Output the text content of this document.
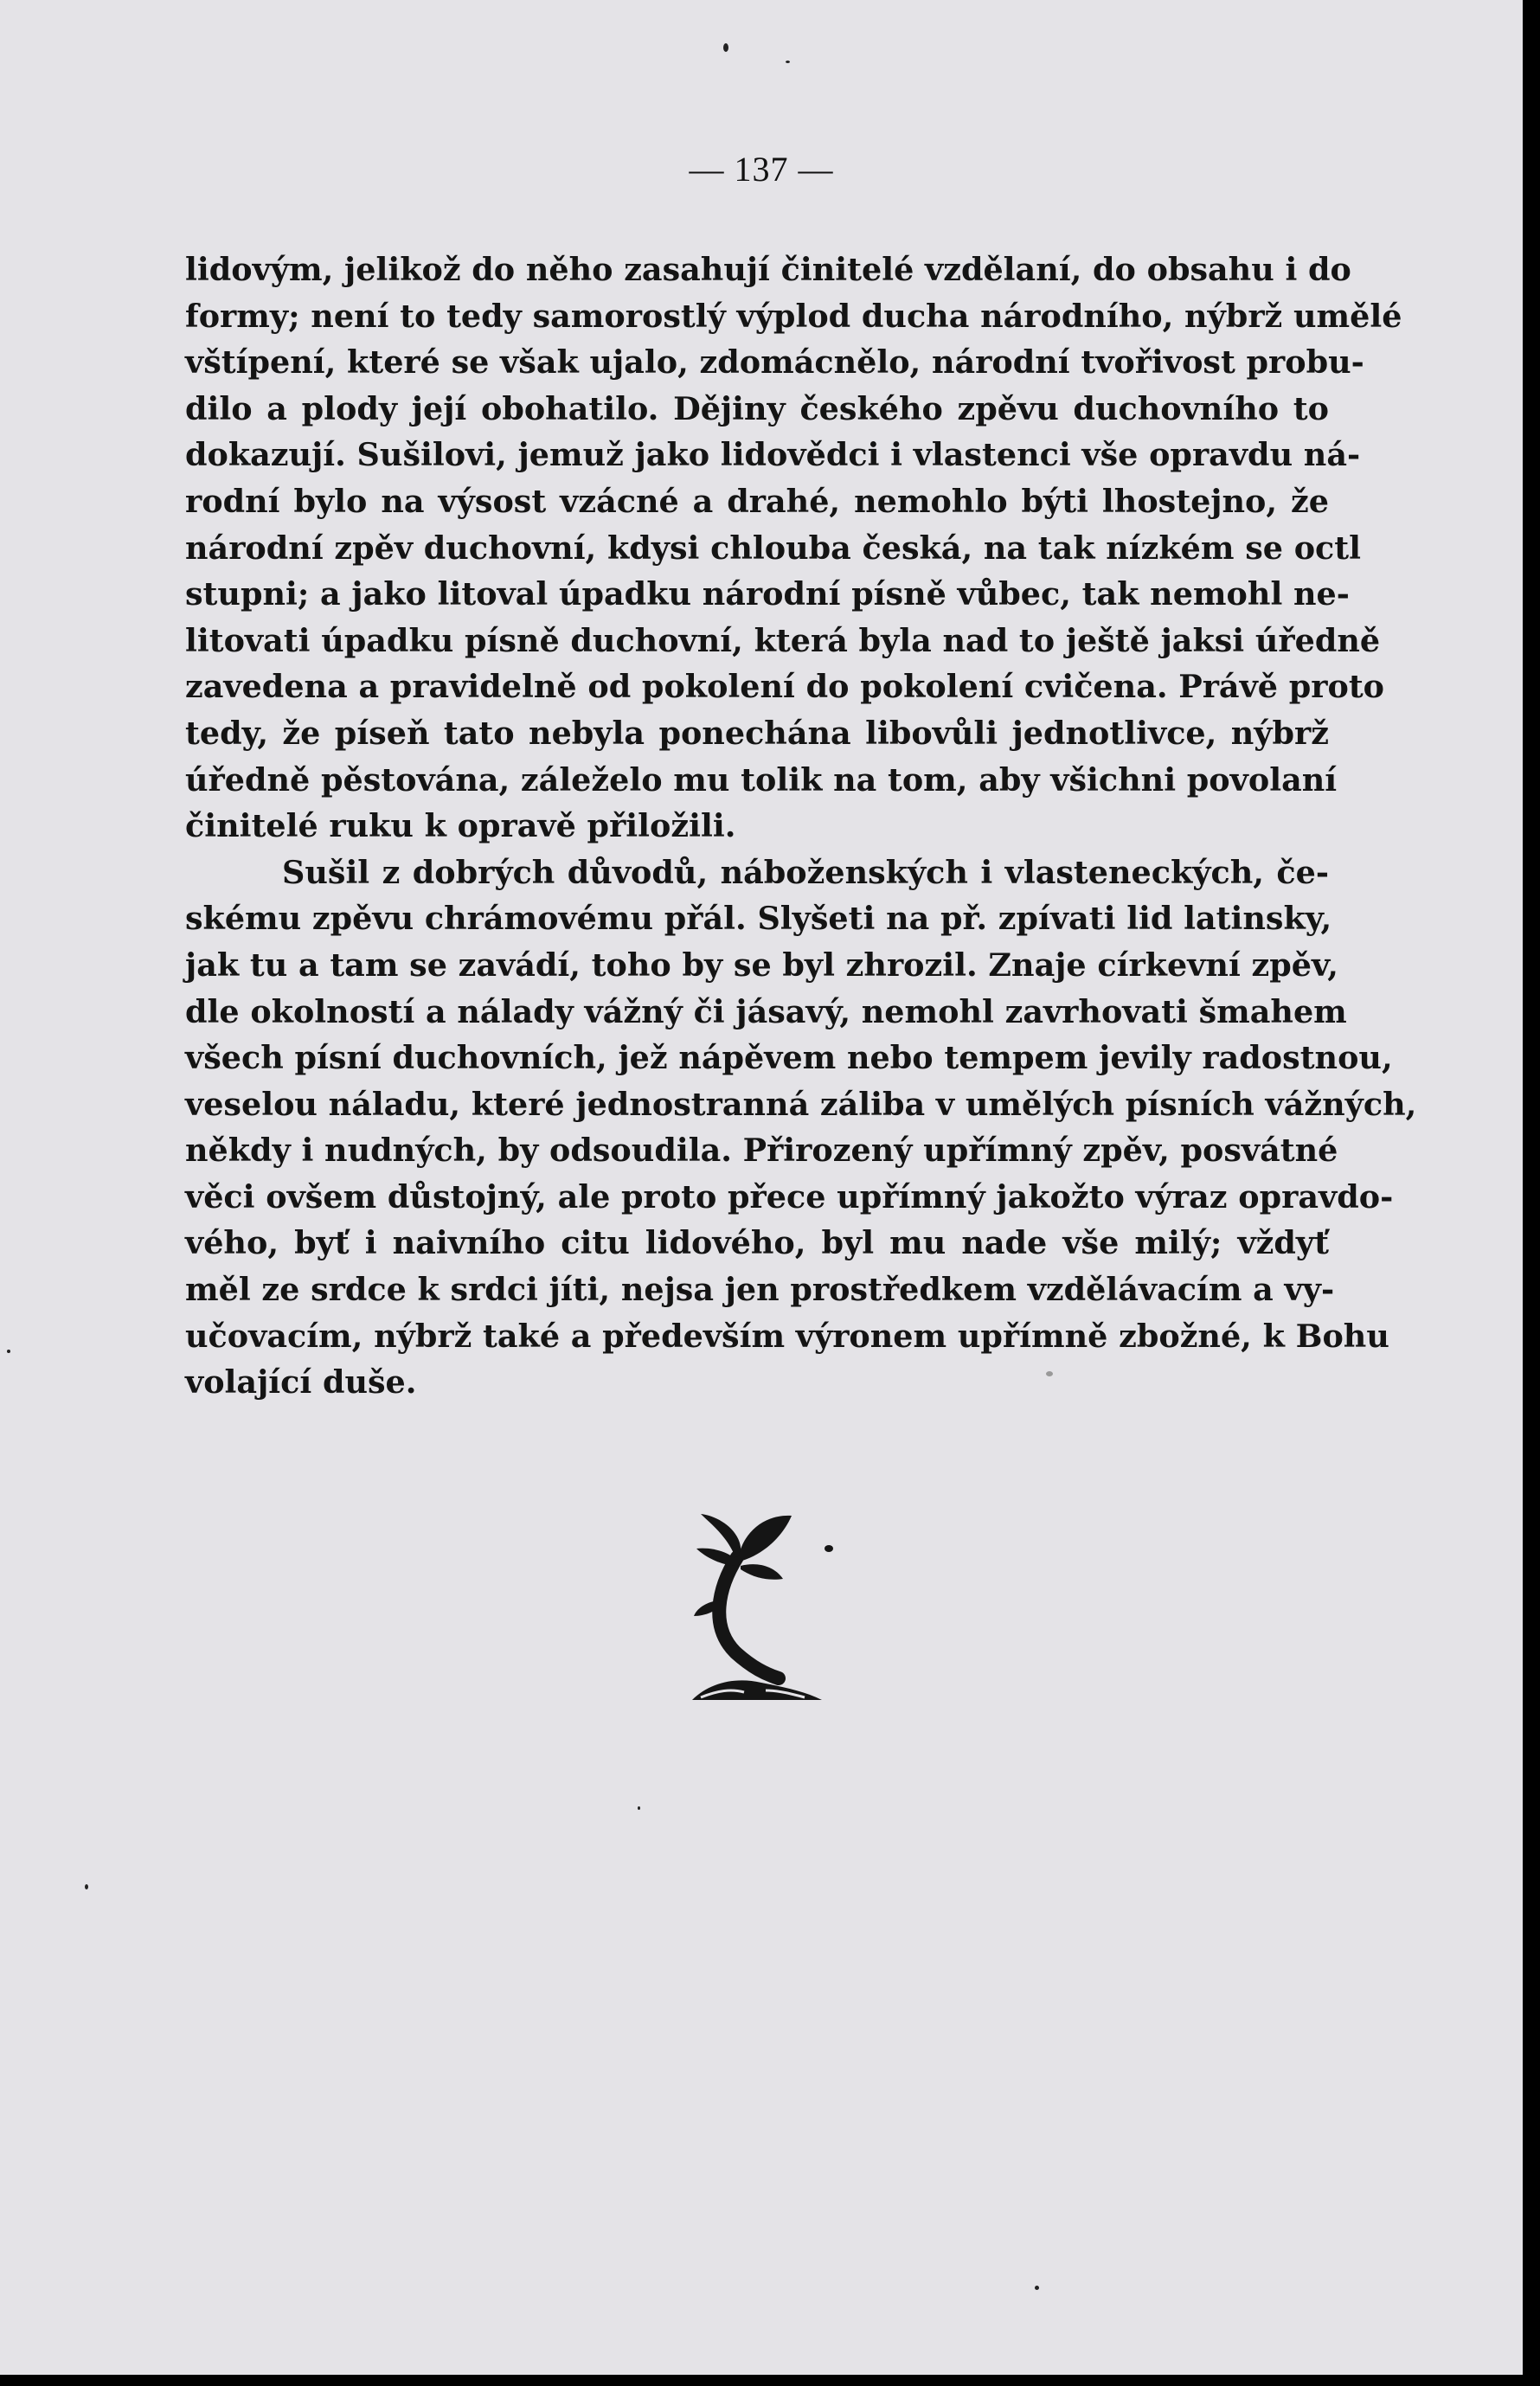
— 137 —
lidovým, jelikož do něho zasahují činitelé vzdělaní, do obsahu i do
formy; není to tedy samorostlý výplod ducha národního, nýbrž umělé
vštípení, které se však ujalo, zdomácnělo, národní tvořivost probu-
dilo a plody její obohatilo. Dějiny českého zpěvu duchovního to
dokazují. Sušilovi, jemuž jako lidovědci i vlastenci vše opravdu ná-
rodní bylo na výsost vzácné a drahé, nemohlo býti lhostejno, že
národní zpěv duchovní, kdysi chlouba česká, na tak nízkém se octl
stupni; a jako litoval úpadku národní písně vůbec, tak nemohl ne-
litovati úpadku písně duchovní, která byla nad to ještě jaksi úředně
zavedena a pravidelně od pokolení do pokolení cvičena. Právě proto
tedy, že píseň tato nebyla ponechána libovůli jednotlivce, nýbrž
úředně pěstována, záleželo mu tolik na tom, aby všichni povolaní
činitelé ruku k opravě přiložili.
Sušil z dobrých důvodů, náboženských i vlasteneckých, če-
skému zpěvu chrámovému přál. Slyšeti na př. zpívati lid latinsky,
jak tu a tam se zavádí, toho by se byl zhrozil. Znaje církevní zpěv,
dle okolností a nálady vážný či jásavý, nemohl zavrhovati šmahem
všech písní duchovních, jež nápěvem nebo tempem jevily radostnou,
veselou náladu, které jednostranná záliba v umělých písních vážných,
někdy i nudných, by odsoudila. Přirozený upřímný zpěv, posvátné
věci ovšem důstojný, ale proto přece upřímný jakožto výraz opravdo-
vého, byť i naivního citu lidového, byl mu nade vše milý; vždyť
měl ze srdce k srdci jíti, nejsa jen prostředkem vzdělávacím a vy-
učovacím, nýbrž také a především výronem upřímně zbožné, k Bohu
volající duše.
